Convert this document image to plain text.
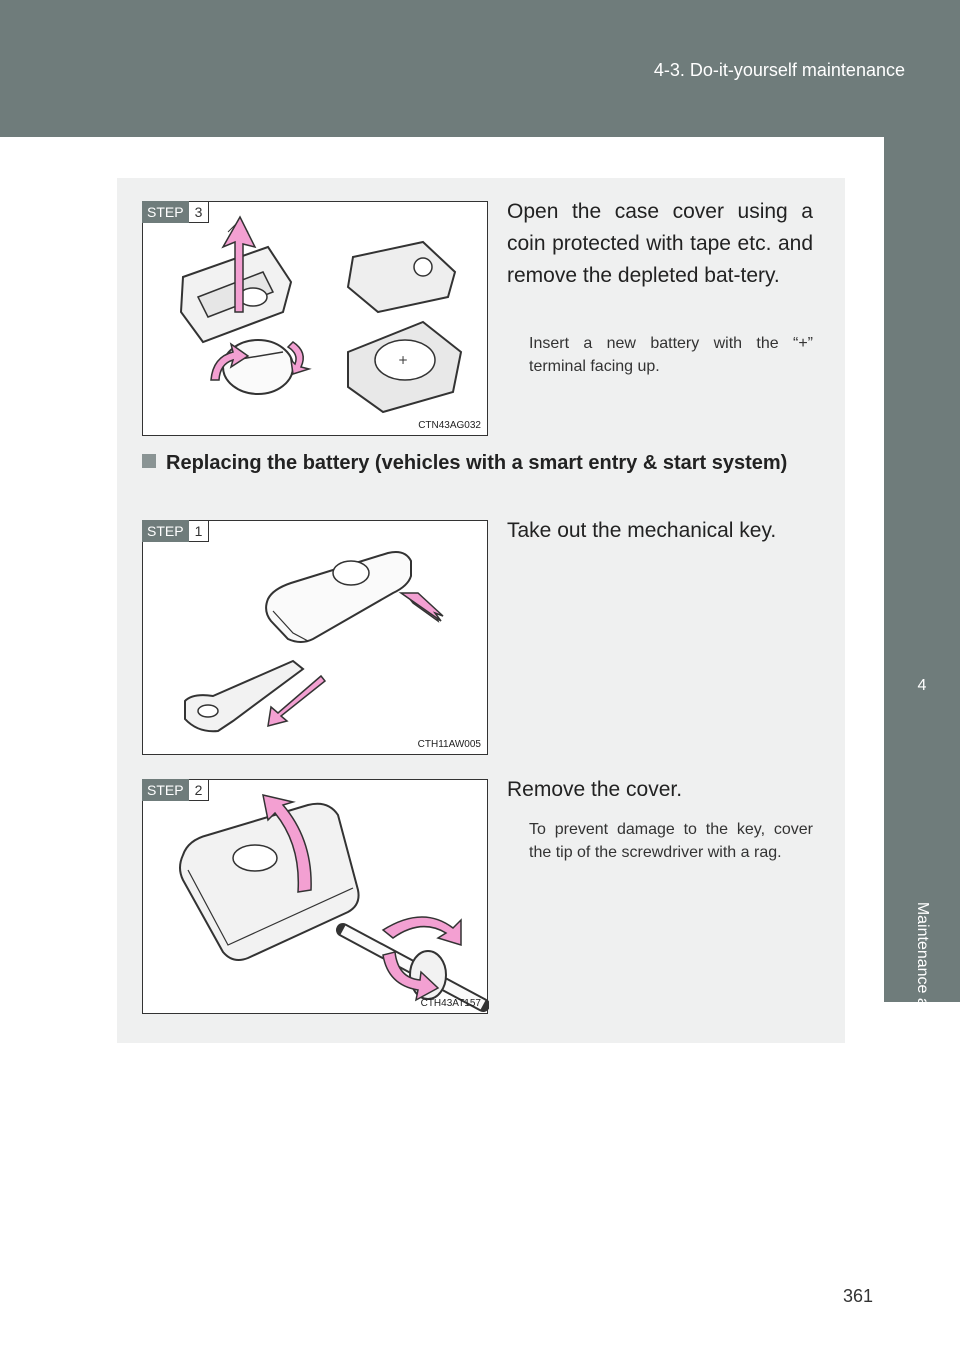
4-3. Do-it-yourself maintenance
4
Maintenance and care
+
STEP 3
CTN43AG032
Open the case cover using a coin protected with tape etc. and remove the depleted bat-tery.
Insert a new battery with the “+” terminal facing up.
Replacing the battery (vehicles with a smart entry & start system)
STEP 1
CTH11AW005
Take out the mechanical key.
STEP 2
CTH43AT157
Remove the cover.
To prevent damage to the key, cover the tip of the screwdriver with a rag.
361
